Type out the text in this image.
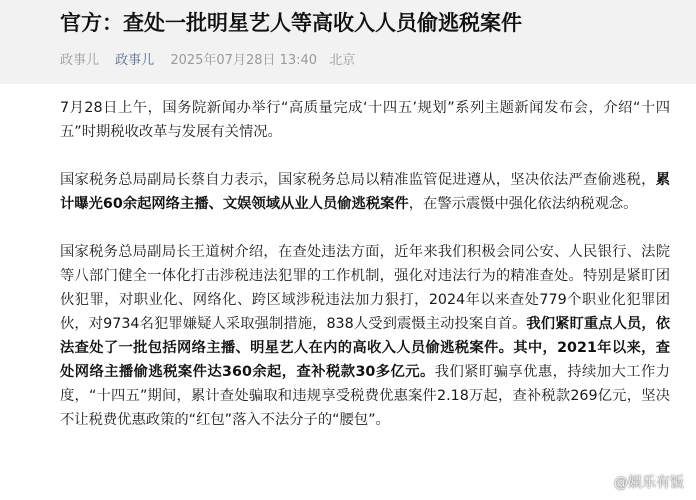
官方：查处一批明星艺人等高收入人员偷逃税案件
政事儿 政事儿 2025年07月28日 13:40 北京

7月28日上午，国务院新闻办举行“高质量完成‘十四五’规划”系列主题新闻发布会，介绍“十四五”时期税收改革与发展有关情况。

国家税务总局副局长蔡自力表示，国家税务总局以精准监管促进遵从，坚决依法严查偷逃税，累计曝光60余起网络主播、文娱领域从业人员偷逃税案件，在警示震慑中强化依法纳税观念。

国家税务总局副局长王道树介绍，在查处违法方面，近年来我们积极会同公安、人民银行、法院等八部门健全一体化打击涉税违法犯罪的工作机制，强化对违法行为的精准查处。特别是紧盯团伙犯罪，对职业化、网络化、跨区域涉税违法加力狠打，2024年以来查处779个职业化犯罪团伙，对9734名犯罪嫌疑人采取强制措施，838人受到震慑主动投案自首。我们紧盯重点人员，依法查处了一批包括网络主播、明星艺人在内的高收入人员偷逃税案件。其中，2021年以来，查处网络主播偷逃税案件达360余起，查补税款30多亿元。我们紧盯骗享优惠，持续加大工作力度，“十四五”期间，累计查处骗取和违规享受税费优惠案件2.18万起，查补税款269亿元，坚决不让税费优惠政策的“红包”落入不法分子的“腰包”。

@娱乐有饭
